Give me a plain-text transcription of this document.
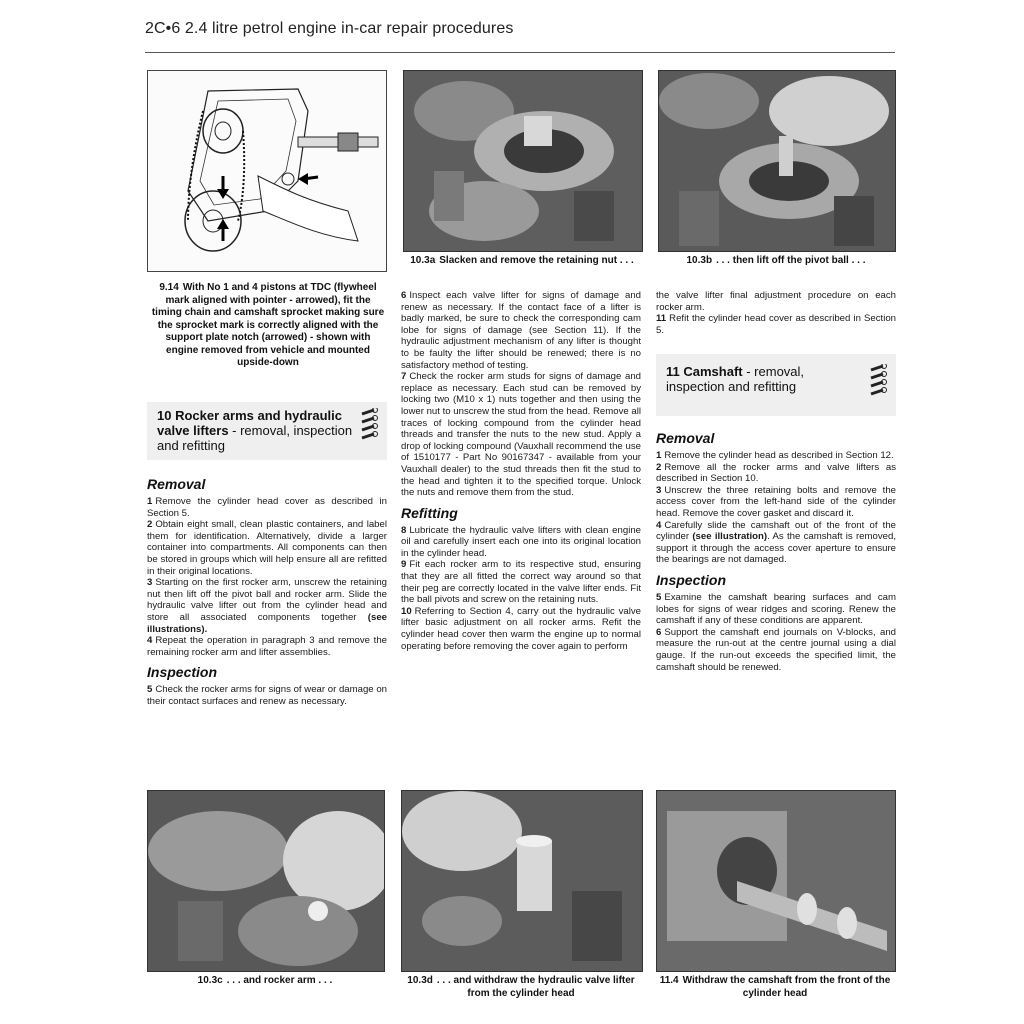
2C•6 2.4 litre petrol engine in-car repair procedures
9.14 With No 1 and 4 pistons at TDC (flywheel mark aligned with pointer - arrowed), fit the timing chain and camshaft sprocket making sure the sprocket mark is correctly aligned with the support plate notch (arrowed) - shown with engine removed from vehicle and mounted upside-down
10.3a Slacken and remove the retaining nut . . .	10.3b . . . then lift off the pivot ball . . .
10 Rocker arms and hydraulic valve lifters - removal, inspection and refitting
Removal

1 Remove the cylinder head cover as described in Section 5.

2 Obtain eight small, clean plastic containers, and label them for identification. Alternatively, divide a larger container into compartments. All components can then be stored in groups which will help ensure all are refitted in their original locations.

3 Starting on the first rocker arm, unscrew the retaining nut then lift off the pivot ball and rocker arm. Slide the hydraulic valve lifter out from the cylinder head and store all associated components together (see illustrations).

4 Repeat the operation in paragraph 3 and remove the remaining rocker arm and lifter assemblies.

Inspection

5 Check the rocker arms for signs of wear or damage on their contact surfaces and renew as necessary.

6 Inspect each valve lifter for signs of damage and renew as necessary. If the contact face of a lifter is badly marked, be sure to check the corresponding cam lobe for signs of damage (see Section 11). If the hydraulic adjustment mechanism of any lifter is thought to be faulty the lifter should be renewed; there is no satisfactory method of testing.

7 Check the rocker arm studs for signs of damage and replace as necessary. Each stud can be removed by locking two (M10 x 1) nuts together and then using the lower nut to unscrew the stud from the head. Remove all traces of locking compound from the cylinder head threads and transfer the nuts to the new stud. Apply a drop of locking compound (Vauxhall recommend the use of 1510177 - Part No 90167347 - available from your Vauxhall dealer) to the stud threads then fit the stud to the head and tighten it to the specified torque. Unlock the nuts and remove them from the stud.

Refitting

8 Lubricate the hydraulic valve lifters with clean engine oil and carefully insert each one into its original location in the cylinder head.

9 Fit each rocker arm to its respective stud, ensuring that they are all fitted the correct way around so that their peg are correctly located in the valve lifter ends. Fit the ball pivots and screw on the retaining nuts.

10 Referring to Section 4, carry out the hydraulic valve lifter basic adjustment on all rocker arms. Refit the cylinder head cover then warm the engine up to normal operating before removing the cover again to perform

the valve lifter final adjustment procedure on each rocker arm.

11 Refit the cylinder head cover as described in Section 5.

11 Camshaft - removal, inspection and refitting
Removal

1 Remove the cylinder head as described in Section 12.

2 Remove all the rocker arms and valve lifters as described in Section 10.

3 Unscrew the three retaining bolts and remove the access cover from the left-hand side of the cylinder head. Remove the cover gasket and discard it.

4 Carefully slide the camshaft out of the front of the cylinder (see illustration). As the camshaft is removed, support it through the access cover aperture to ensure the bearings are not damaged.

Inspection

5 Examine the camshaft bearing surfaces and cam lobes for signs of wear ridges and scoring. Renew the camshaft if any of these conditions are apparent.

6 Support the camshaft end journals on V-blocks, and measure the run-out at the centre journal using a dial gauge. If the run-out exceeds the specified limit, the camshaft should be renewed.

10.3c . . . and rocker arm . . .	10.3d . . . and withdraw the hydraulic valve lifter from the cylinder head
11.4 Withdraw the camshaft from the front of the cylinder head
